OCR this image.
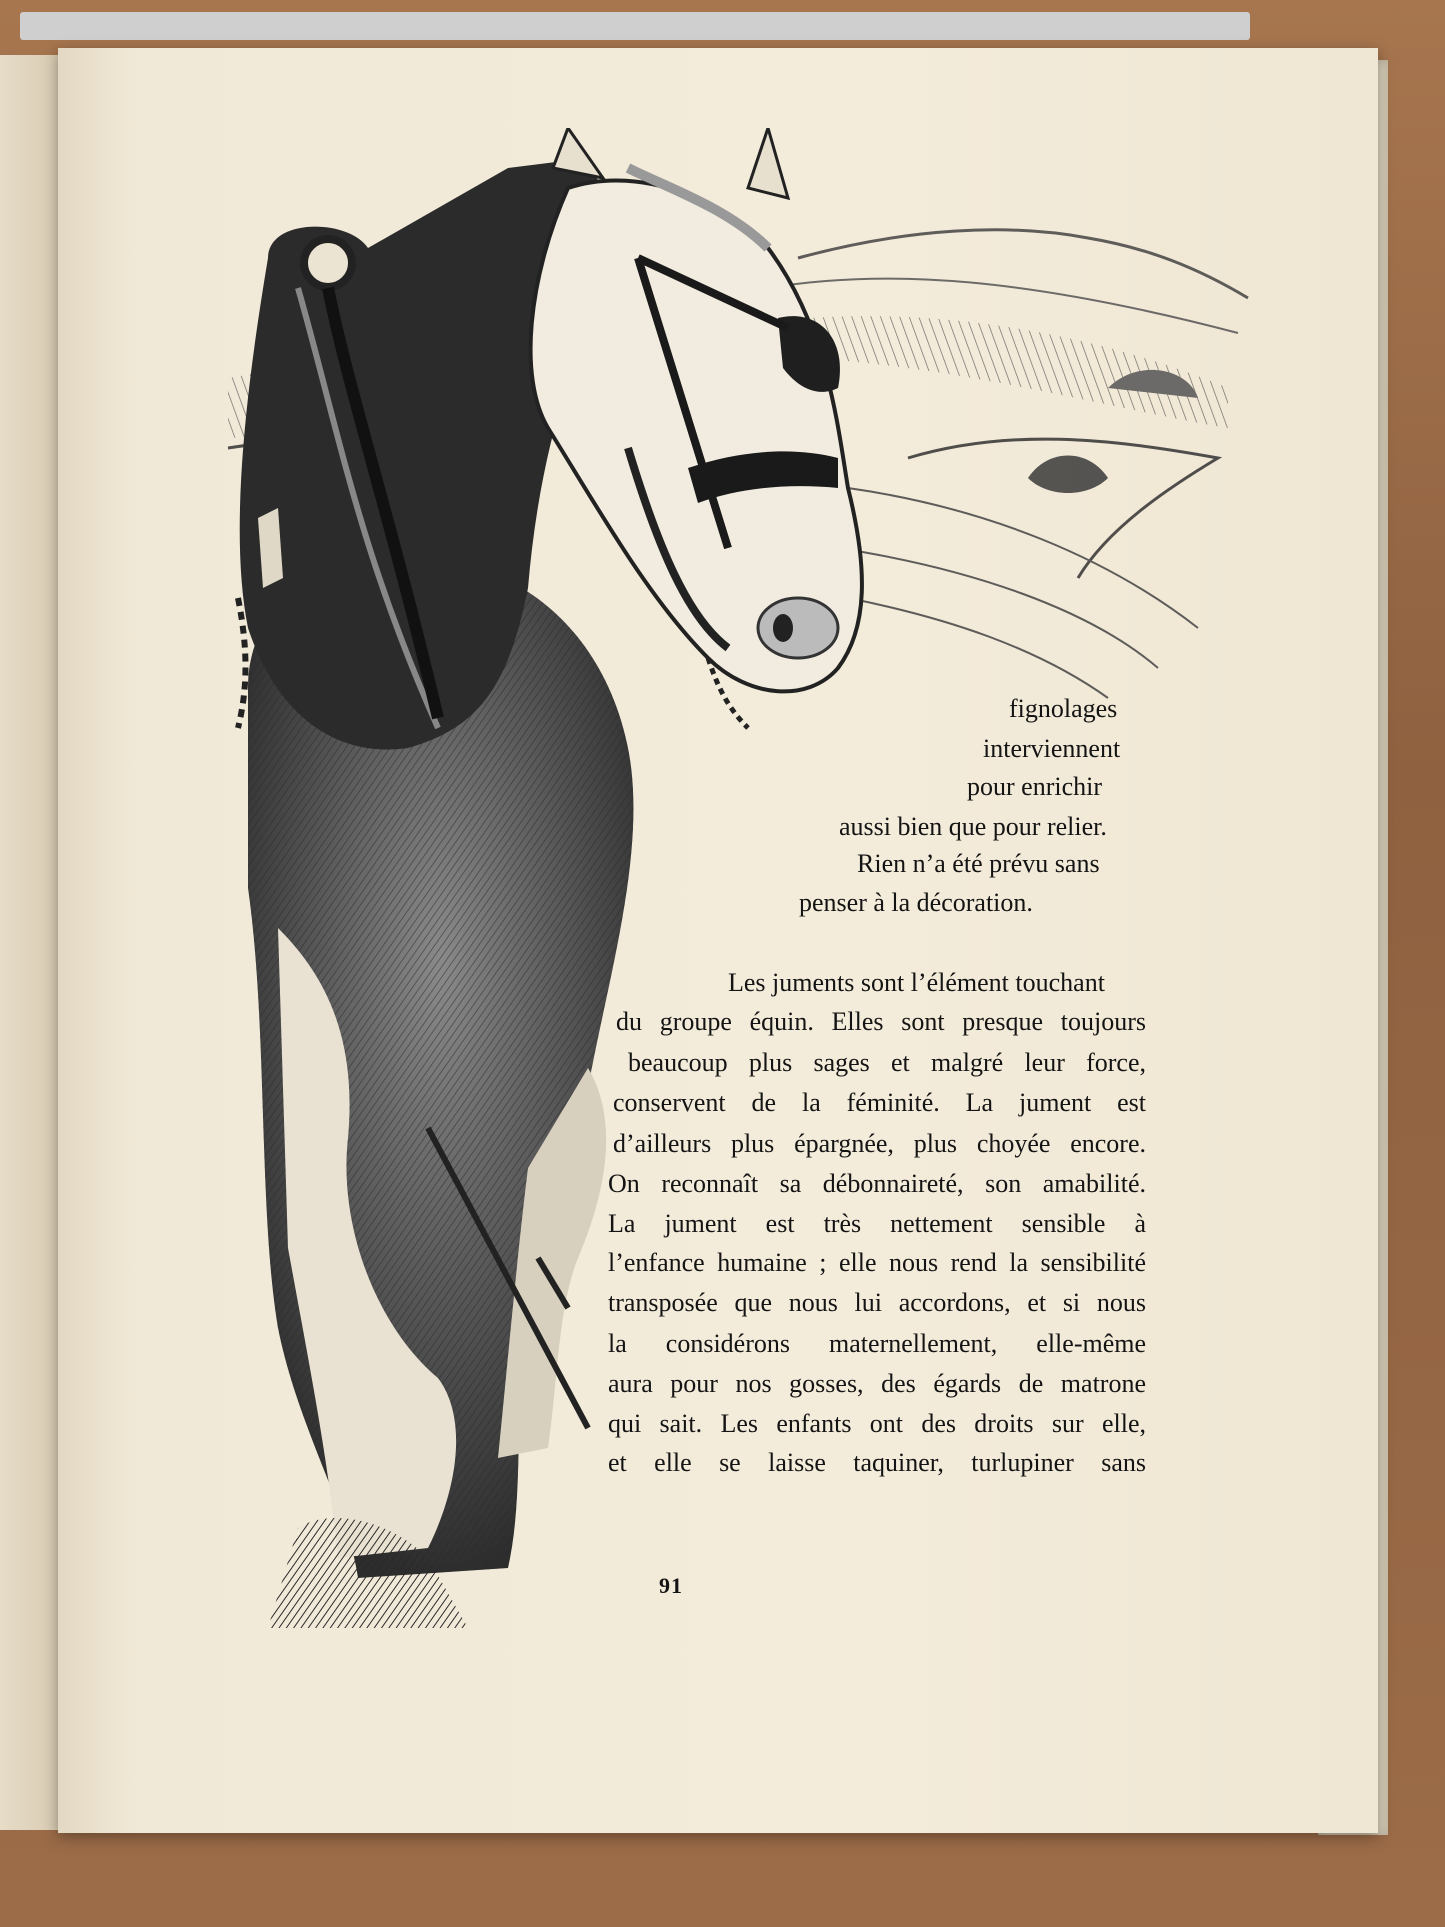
fignolages

interviennent

pour enrichir

aussi bien que pour relier.

Rien n’a été prévu sans

penser à la décoration.

Les juments sont l’élément touchant

du groupe équin. Elles sont presque toujours

beaucoup plus sages et malgré leur force,

conservent de la féminité. La jument est

d’ailleurs plus épargnée, plus choyée encore.

On reconnaît sa débonnaireté, son amabilité.

La jument est très nettement sensible à

l’enfance humaine ; elle nous rend la sensibilité

transposée que nous lui accordons, et si nous

la considérons maternellement, elle-même

aura pour nos gosses, des égards de matrone

qui sait. Les enfants ont des droits sur elle,

et elle se laisse taquiner, turlupiner sans

91
